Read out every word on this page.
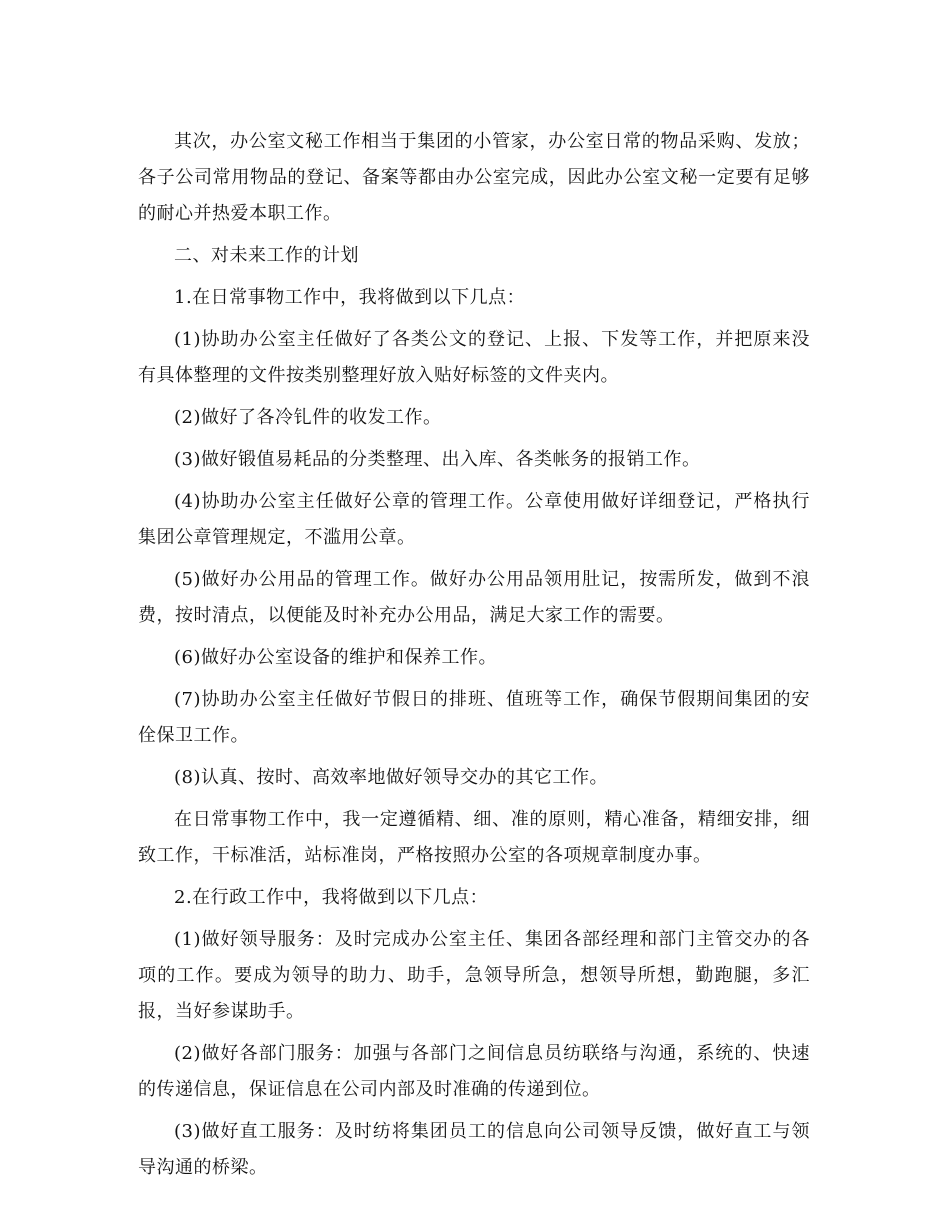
其次，办公室文秘工作相当于集团的小管家，办公室日常的物品采购、发放；各子公司常用物品的登记、备案等都由办公室完成，因此办公室文秘一定要有足够的耐心并热爱本职工作。

二、对未来工作的计划

1.在日常事物工作中，我将做到以下几点：

(1)协助办公室主任做好了各类公文的登记、上报、下发等工作，并把原来没有具体整理的文件按类别整理好放入贴好标签的文件夹内。

(2)做好了各冷钆件的收发工作。

(3)做好锻值易耗品的分类整理、出入库、各类帐务的报销工作。

(4)协助办公室主任做好公章的管理工作。公章使用做好详细登记，严格执行集团公章管理规定，不滥用公章。

(5)做好办公用品的管理工作。做好办公用品领用肚记，按需所发，做到不浪费，按时清点，以便能及时补充办公用品，满足大家工作的需要。

(6)做好办公室设备的维护和保养工作。

(7)协助办公室主任做好节假日的排班、值班等工作，确保节假期间集团的安佺保卫工作。

(8)认真、按时、高效率地做好领导交办的其它工作。

在日常事物工作中，我一定遵循精、细、准的原则，精心准备，精细安排，细致工作，干标准活，站标准岗，严格按照办公室的各项规章制度办事。

2.在行政工作中，我将做到以下几点：

(1)做好领导服务：及时完成办公室主任、集团各部经理和部门主管交办的各项的工作。要成为领导的助力、助手，急领导所急，想领导所想，勤跑腿，多汇报，当好参谋助手。

(2)做好各部门服务：加强与各部门之间信息员纺联络与沟通，系统的、快速的传递信息，保证信息在公司内部及时准确的传递到位。

(3)做好直工服务：及时纺将集团员工的信息向公司领导反馈，做好直工与领导沟通的桥梁。
